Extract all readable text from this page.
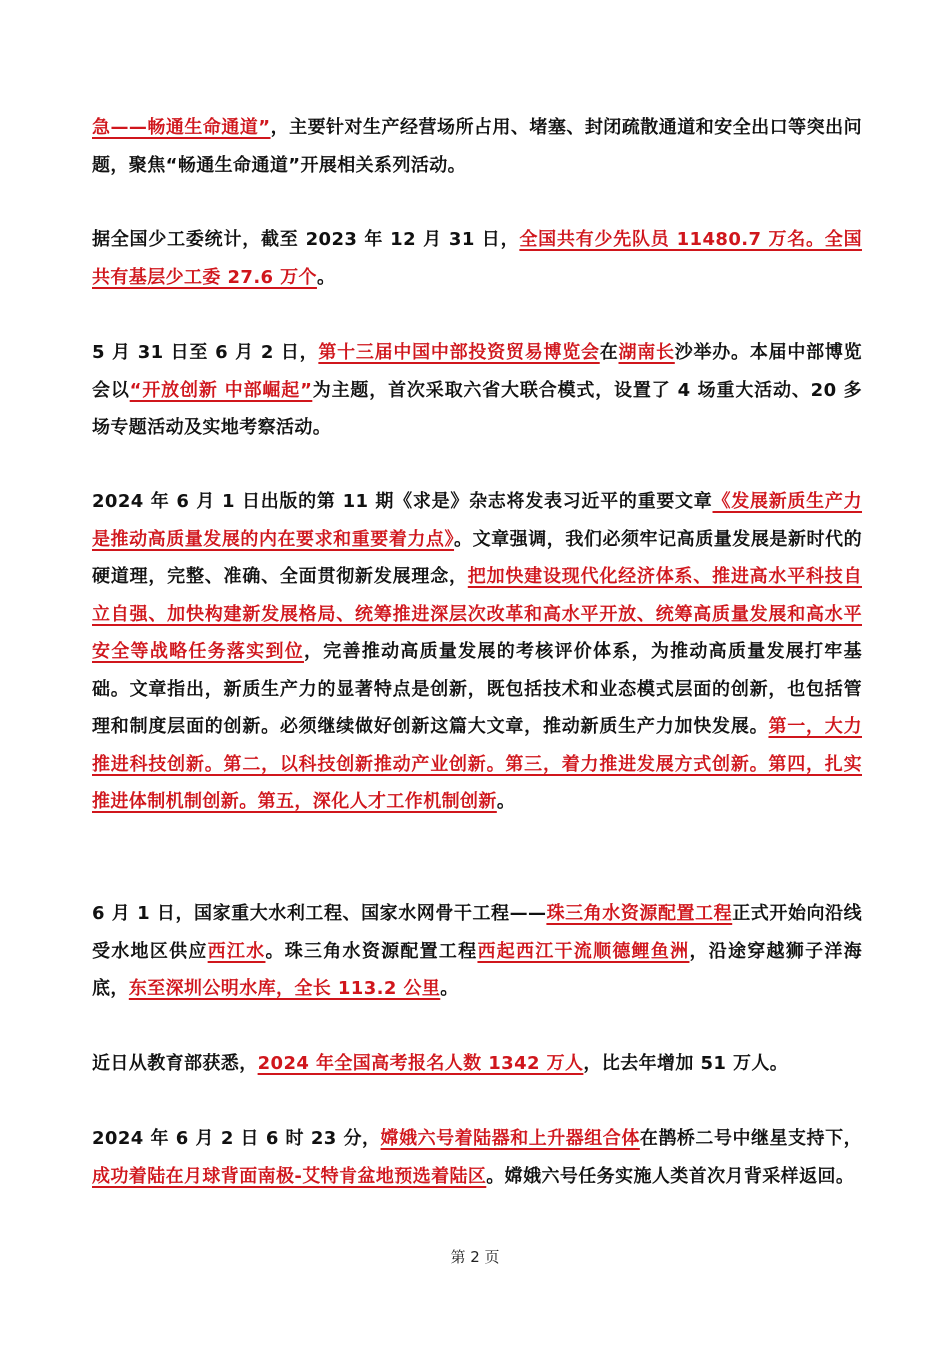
急——畅通生命通道”，主要针对生产经营场所占用、堵塞、封闭疏散通道和安全出口等突出问题，聚焦“畅通生命通道”开展相关系列活动。

据全国少工委统计，截至 2023 年 12 月 31 日，全国共有少先队员 11480.7 万名。全国共有基层少工委 27.6 万个。

5 月 31 日至 6 月 2 日，第十三届中国中部投资贸易博览会在湖南长沙举办。本届中部博览会以“开放创新 中部崛起”为主题，首次采取六省大联合模式，设置了 4 场重大活动、20 多场专题活动及实地考察活动。

2024 年 6 月 1 日出版的第 11 期《求是》杂志将发表习近平的重要文章《发展新质生产力是推动高质量发展的内在要求和重要着力点》。文章强调，我们必须牢记高质量发展是新时代的硬道理，完整、准确、全面贯彻新发展理念，把加快建设现代化经济体系、推进高水平科技自立自强、加快构建新发展格局、统筹推进深层次改革和高水平开放、统筹高质量发展和高水平安全等战略任务落实到位，完善推动高质量发展的考核评价体系，为推动高质量发展打牢基础。文章指出，新质生产力的显著特点是创新，既包括技术和业态模式层面的创新，也包括管理和制度层面的创新。必须继续做好创新这篇大文章，推动新质生产力加快发展。第一，大力推进科技创新。第二，以科技创新推动产业创新。第三，着力推进发展方式创新。第四，扎实推进体制机制创新。第五，深化人才工作机制创新。

6 月 1 日，国家重大水利工程、国家水网骨干工程——珠三角水资源配置工程正式开始向沿线受水地区供应西江水。珠三角水资源配置工程西起西江干流顺德鲤鱼洲，沿途穿越狮子洋海底，东至深圳公明水库，全长 113.2 公里。

近日从教育部获悉，2024 年全国高考报名人数 1342 万人，比去年增加 51 万人。

2024 年 6 月 2 日 6 时 23 分，嫦娥六号着陆器和上升器组合体在鹊桥二号中继星支持下，成功着陆在月球背面南极-艾特肯盆地预选着陆区。嫦娥六号任务实施人类首次月背采样返回。

第 2 页
